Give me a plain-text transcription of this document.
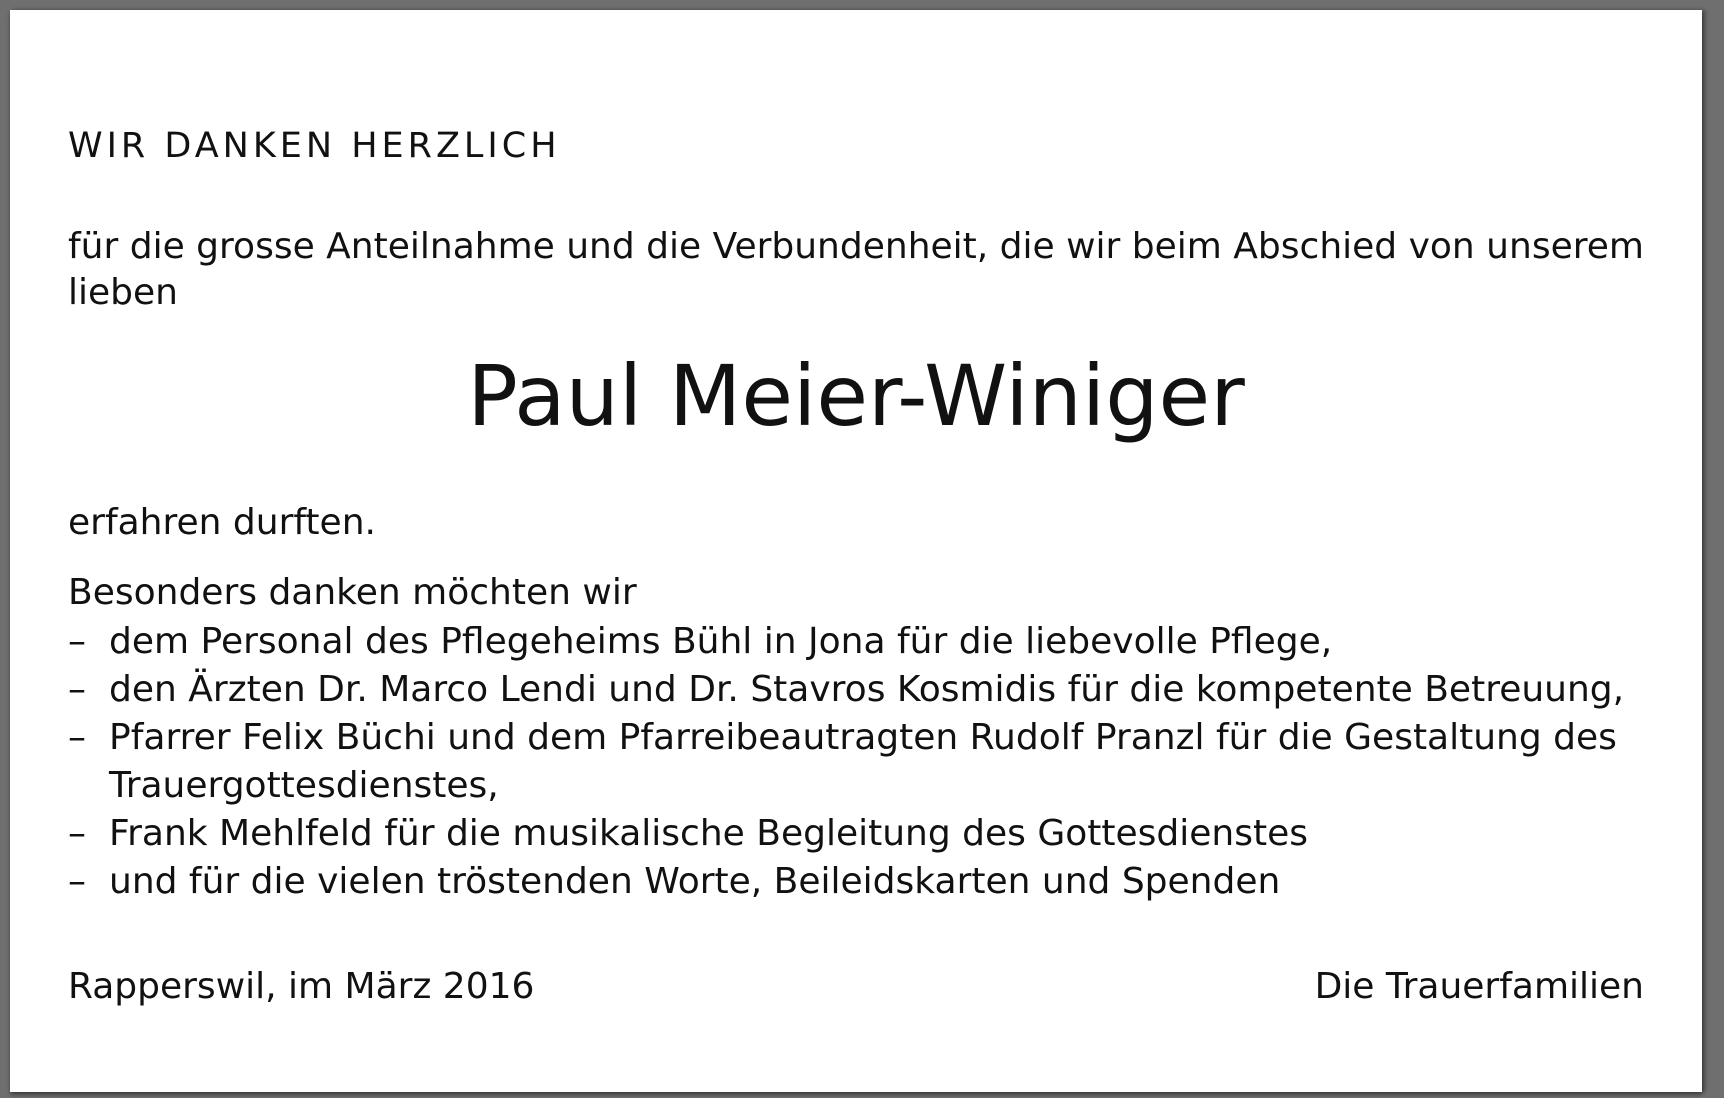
WIR DANKEN HERZLICH

für die grosse Anteilnahme und die Verbundenheit, die wir beim Abschied von unserem lieben

Paul Meier-Winiger
erfahren durften.
Besonders danken möchten wir
– dem Personal des Pflegeheims Bühl in Jona für die liebevolle Pflege,
– den Ärzten Dr. Marco Lendi und Dr. Stavros Kosmidis für die kompetente Betreuung,
– Pfarrer Felix Büchi und dem Pfarreibeautragten Rudolf Pranzl für die Gestaltung des Trauergottesdienstes,
– Frank Mehlfeld für die musikalische Begleitung des Gottesdienstes
– und für die vielen tröstenden Worte, Beileidskarten und Spenden
Rapperswil, im März 2016	Die Trauerfamilien
